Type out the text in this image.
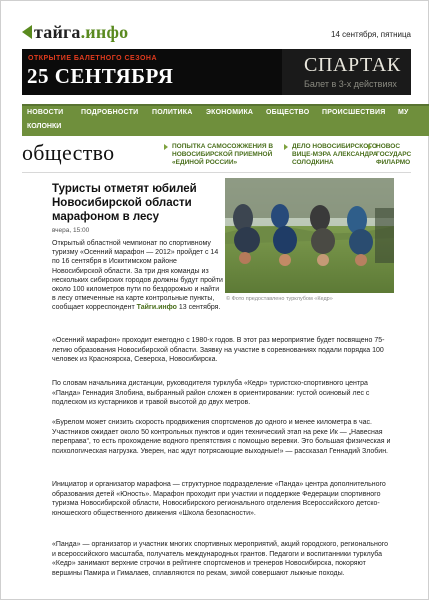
тайга.инфо	14 сентября, пятница
ОТКРЫТИЕ БАЛЕТНОГО СЕЗОНА
25 СЕНТЯБРЯ	СПАРТАК
Балет в 3-х действиях
НОВОСТИ	ПОДРОБНОСТИ ПОЛИТИКА ЭКОНОМИКА ОБЩЕСТВО ПРОИСШЕСТВИЯ МУ
КОЛОНКИ
общество	ПОПЫТКА САМОСОЖЖЕНИЯ В НОВОСИБИРСКОЙ ПРИЕМНОЙ «ЕДИНОЙ РОССИИ»
ДЕЛО НОВОСИБИРСКОГО ВИЦЕ-МЭРА АЛЕКСАНДРА СОЛОДКИНА
НОВОС ГОСУДАРС ФИЛАРМО
Туристы отметят юбилей Новосибирской области марафоном в лесу
вчера, 15:00
Открытый областной чемпионат по спортивному туризму «Осенний марафон — 2012» пройдет с 14 по 16 сентября в Искитимском районе Новосибирской области. За три дня команды из нескольких сибирских городов должны будут пройти около 100 километров пути по бездорожью и найти в лесу отмеченные на карте контрольные пункты, сообщает корреспондент Тайги.инфо 13 сентября.
© Фото предоставлено турклубом «Кедр»
«Осенний марафон» проходит ежегодно с 1980-х годов. В этот раз мероприятие будет посвящено 75-летию образования Новосибирской области. Заявку на участие в соревнованиях подали порядка 100 человек из Красноярска, Северска, Новосибирска.
По словам начальника дистанции, руководителя турклуба «Кедр» туристско-спортивного центра «Панда» Геннадия Злобина, выбранный район сложен в ориентировании: густой осиновый лес с подлеском из кустарников и травой высотой до двух метров.
«Бурелом может снизить скорость продвижения спортсменов до одного и менее километра в час. Участников ожидает около 50 контрольных пунктов и один технический этап на реке Ик — „Навесная переправа“, то есть прохождение водного препятствия с помощью веревки. Это большая физическая и психологическая нагрузка. Уверен, нас ждут потрясающие выходные!» — рассказал Геннадий Злобин.
Инициатор и организатор марафона — структурное подразделение «Панда» центра дополнительного образования детей «Юность». Марафон проходит при участии и поддержке Федерации спортивного туризма Новосибирской области, Новосибирского регионального отделения Всероссийского детско-юношеского общественного движения «Школа безопасности».
«Панда» — организатор и участник многих спортивных мероприятий, акций городского, регионального и всероссийского масштаба, получатель международных грантов. Педагоги и воспитанники турклуба «Кедр» занимают верхние строчки в рейтинге спортсменов и тренеров Новосибирска, покоряют вершины Памира и Гималаев, сплавляются по рекам, зимой совершают лыжные походы.
